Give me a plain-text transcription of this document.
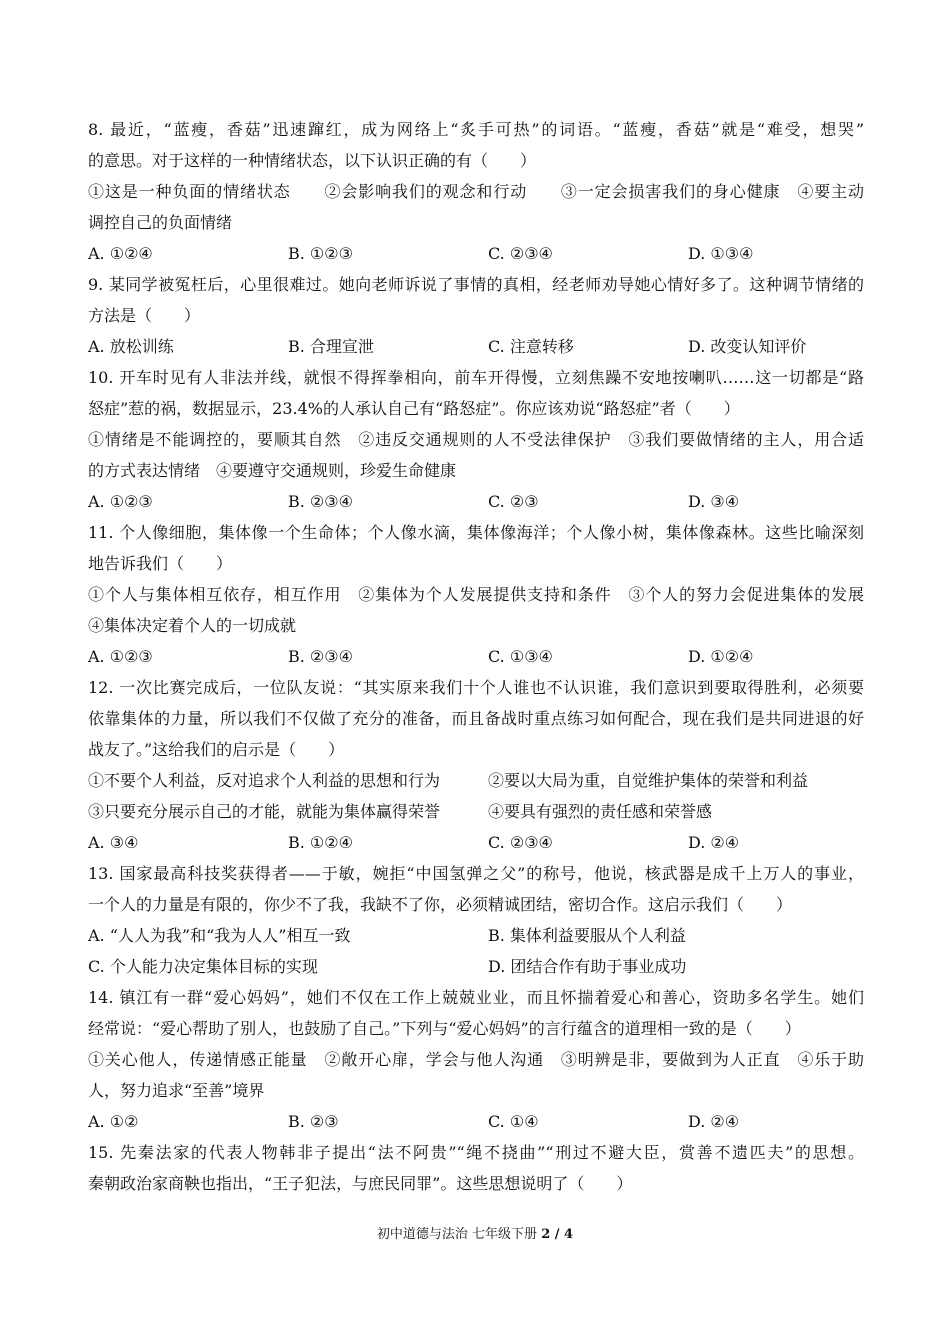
8. 最近，“蓝瘦，香菇”迅速蹿红，成为网络上“炙手可热”的词语。“蓝瘦，香菇”就是“难受，想哭”
的意思。对于这样的一种情绪状态，以下认识正确的有（　　）
①这是一种负面的情绪状态　　②会影响我们的观念和行动　　③一定会损害我们的身心健康　④要主动
调控自己的负面情绪
A. ①②④	B. ①②③	C. ②③④	D. ①③④
9. 某同学被冤枉后，心里很难过。她向老师诉说了事情的真相，经老师劝导她心情好多了。这种调节情绪的
方法是（　　）
A. 放松训练	B. 合理宣泄	C. 注意转移	D. 改变认知评价
10. 开车时见有人非法并线，就恨不得挥拳相向，前车开得慢，立刻焦躁不安地按喇叭……这一切都是“路
怒症”惹的祸，数据显示，23.4%的人承认自己有“路怒症”。你应该劝说“路怒症”者（　　）
①情绪是不能调控的，要顺其自然　②违反交通规则的人不受法律保护　③我们要做情绪的主人，用合适
的方式表达情绪　④要遵守交通规则，珍爱生命健康
A. ①②③	B. ②③④	C. ②③	D. ③④
11. 个人像细胞，集体像一个生命体；个人像水滴，集体像海洋；个人像小树，集体像森林。这些比喻深刻
地告诉我们（　　）
①个人与集体相互依存，相互作用　②集体为个人发展提供支持和条件　③个人的努力会促进集体的发展
④集体决定着个人的一切成就
A. ①②③	B. ②③④	C. ①③④	D. ①②④
12. 一次比赛完成后，一位队友说：“其实原来我们十个人谁也不认识谁，我们意识到要取得胜利，必须要
依靠集体的力量，所以我们不仅做了充分的准备，而且备战时重点练习如何配合，现在我们是共同进退的好
战友了。”这给我们的启示是（　　）
①不要个人利益，反对追求个人利益的思想和行为	②要以大局为重，自觉维护集体的荣誉和利益
③只要充分展示自己的才能，就能为集体赢得荣誉	④要具有强烈的责任感和荣誉感
A. ③④	B. ①②④	C. ②③④	D. ②④
13. 国家最高科技奖获得者——于敏，婉拒“中国氢弹之父”的称号，他说，核武器是成千上万人的事业，
一个人的力量是有限的，你少不了我，我缺不了你，必须精诚团结，密切合作。这启示我们（　　）
A. “人人为我”和“我为人人”相互一致	B. 集体利益要服从个人利益
C. 个人能力决定集体目标的实现	D. 团结合作有助于事业成功
14. 镇江有一群“爱心妈妈”，她们不仅在工作上兢兢业业，而且怀揣着爱心和善心，资助多名学生。她们
经常说：“爱心帮助了别人，也鼓励了自己。”下列与“爱心妈妈”的言行蕴含的道理相一致的是（　　）
①关心他人，传递情感正能量　②敞开心扉，学会与他人沟通　③明辨是非，要做到为人正直　④乐于助
人，努力追求“至善”境界
A. ①②	B. ②③	C. ①④	D. ②④
15. 先秦法家的代表人物韩非子提出“法不阿贵”“绳不挠曲”“刑过不避大臣，赏善不遗匹夫”的思想。
秦朝政治家商鞅也指出，“王子犯法，与庶民同罪”。这些思想说明了（　　）
初中道德与法治 七年级下册 2 / 4
